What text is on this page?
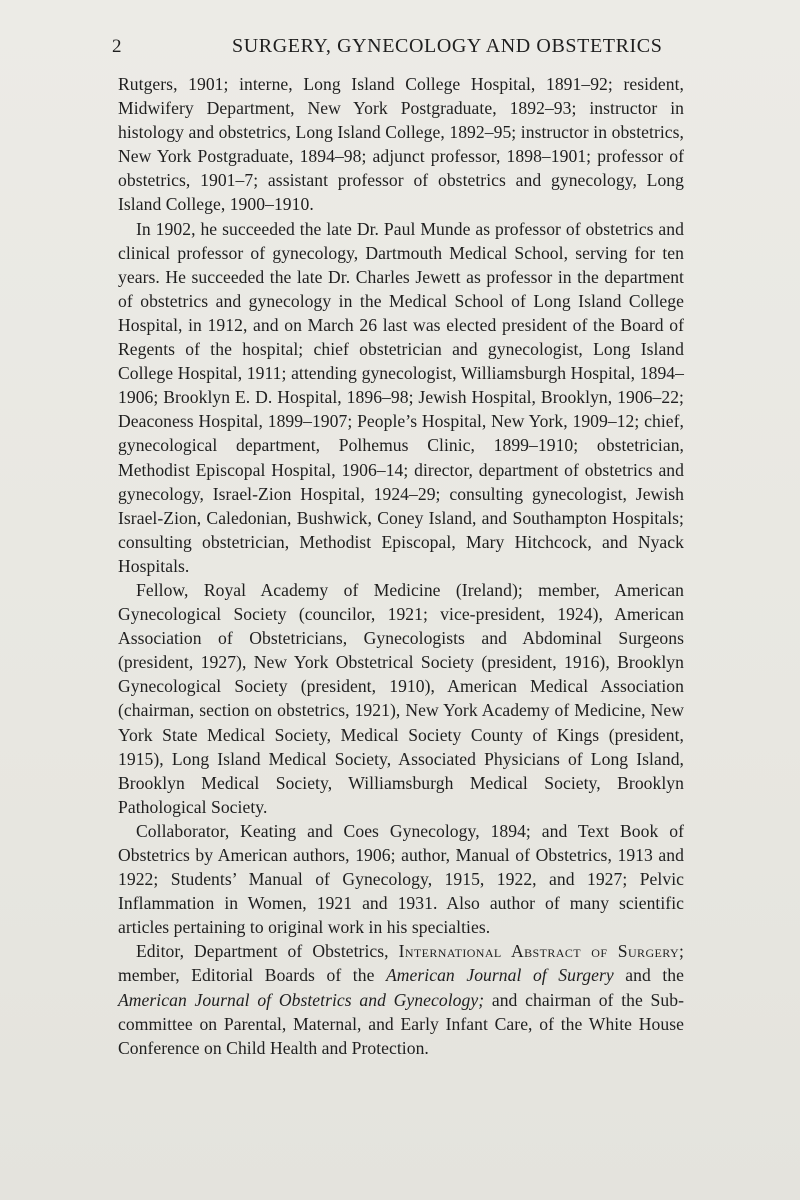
2	SURGERY, GYNECOLOGY AND OBSTETRICS

Rutgers, 1901; interne, Long Island College Hospital, 1891–92; resident, Midwifery Department, New York Postgraduate, 1892–93; instructor in histology and obstetrics, Long Island College, 1892–95; instructor in obstetrics, New York Postgraduate, 1894–98; adjunct professor, 1898–1901; professor of obstetrics, 1901–7; assistant professor of obstetrics and gynecology, Long Island College, 1900–1910.

In 1902, he succeeded the late Dr. Paul Munde as professor of obstetrics and clinical professor of gynecology, Dartmouth Medical School, serving for ten years. He succeeded the late Dr. Charles Jewett as professor in the department of obstetrics and gynecology in the Medical School of Long Island College Hospital, in 1912, and on March 26 last was elected president of the Board of Regents of the hospital; chief obstetrician and gynecologist, Long Island College Hospital, 1911; attending gynecologist, Williamsburgh Hospital, 1894–1906; Brooklyn E. D. Hospital, 1896–98; Jewish Hospital, Brooklyn, 1906–22; Deaconess Hospital, 1899–1907; People’s Hospital, New York, 1909–12; chief, gynecological department, Polhemus Clinic, 1899–1910; obstetrician, Methodist Episcopal Hospital, 1906–14; director, department of obstetrics and gynecology, Israel-Zion Hospital, 1924–29; consulting gynecologist, Jewish Israel-Zion, Caledonian, Bushwick, Coney Island, and Southampton Hospitals; consulting obstetrician, Methodist Episcopal, Mary Hitchcock, and Nyack Hospitals.

Fellow, Royal Academy of Medicine (Ireland); member, American Gynecological Society (councilor, 1921; vice-president, 1924), American Association of Obstetricians, Gynecologists and Abdominal Surgeons (president, 1927), New York Obstetrical Society (president, 1916), Brooklyn Gynecological Society (president, 1910), American Medical Association (chairman, section on obstetrics, 1921), New York Academy of Medicine, New York State Medical Society, Medical Society County of Kings (president, 1915), Long Island Medical Society, Associated Physicians of Long Island, Brooklyn Medical Society, Williamsburgh Medical Society, Brooklyn Pathological Society.

Collaborator, Keating and Coes Gynecology, 1894; and Text Book of Obstetrics by American authors, 1906; author, Manual of Obstetrics, 1913 and 1922; Students’ Manual of Gynecology, 1915, 1922, and 1927; Pelvic Inflammation in Women, 1921 and 1931. Also author of many scientific articles pertaining to original work in his specialties.

Editor, Department of Obstetrics, International Abstract of Surgery; member, Editorial Boards of the American Journal of Surgery and the American Journal of Obstetrics and Gynecology; and chairman of the Sub-committee on Parental, Maternal, and Early Infant Care, of the White House Conference on Child Health and Protection.
